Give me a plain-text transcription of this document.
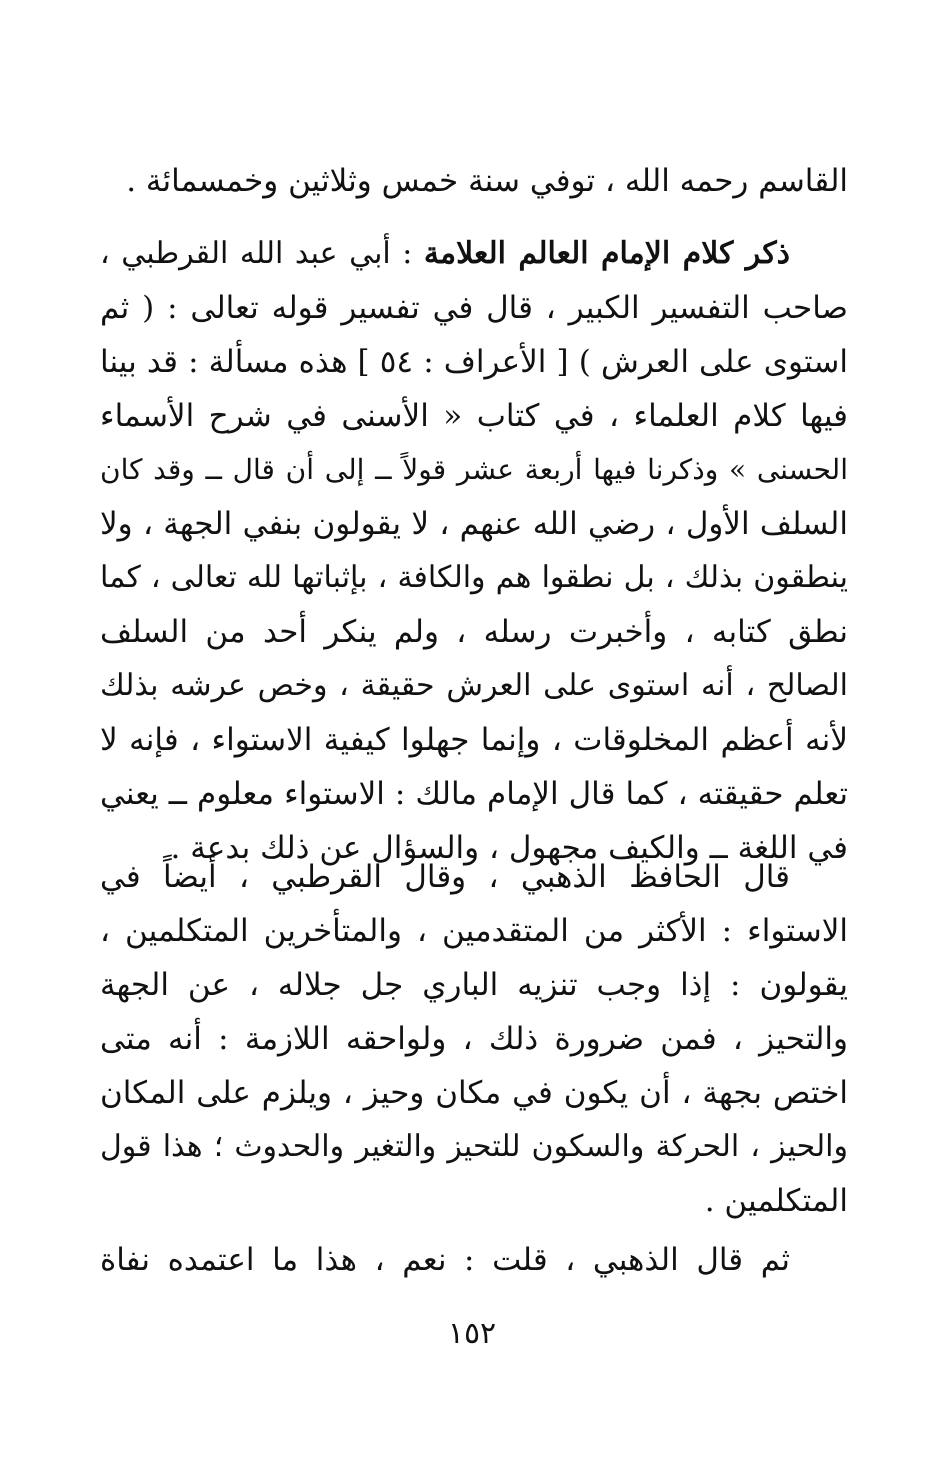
القاسم رحمه الله ، توفي سنة خمس وثلاثين وخمسمائة .
ذكر كلام الإمام العالم العلامة : أبي عبد الله القرطبي ،
صاحب التفسير الكبير ، قال في تفسير قوله تعالى : ( ثم
استوى على العرش ) [ الأعراف : ٥٤ ] هذه مسألة : قد بينا
فيها كلام العلماء ، في كتاب « الأسنى في شرح الأسماء
الحسنى » وذكرنا فيها أربعة عشر قولاً ــ إلى أن قال ــ وقد كان
السلف الأول ، رضي الله عنهم ، لا يقولون بنفي الجهة ، ولا
ينطقون بذلك ، بل نطقوا هم والكافة ، بإثباتها لله تعالى ، كما
نطق كتابه ، وأخبرت رسله ، ولم ينكر أحد من السلف
الصالح ، أنه استوى على العرش حقيقة ، وخص عرشه بذلك
لأنه أعظم المخلوقات ، وإنما جهلوا كيفية الاستواء ، فإنه لا
تعلم حقيقته ، كما قال الإمام مالك : الاستواء معلوم ــ يعني
في اللغة ــ والكيف مجهول ، والسؤال عن ذلك بدعة .
قال الحافظ الذهبي ، وقال القرطبي ، أيضاً في
الاستواء : الأكثر من المتقدمين ، والمتأخرين المتكلمين ،
يقولون : إذا وجب تنزيه الباري جل جلاله ، عن الجهة
والتحيز ، فمن ضرورة ذلك ، ولواحقه اللازمة : أنه متى
اختص بجهة ، أن يكون في مكان وحيز ، ويلزم على المكان
والحيز ، الحركة والسكون للتحيز والتغير والحدوث ؛ هذا قول
المتكلمين .
ثم قال الذهبي ، قلت : نعم ، هذا ما اعتمده نفاة
١٥٢
